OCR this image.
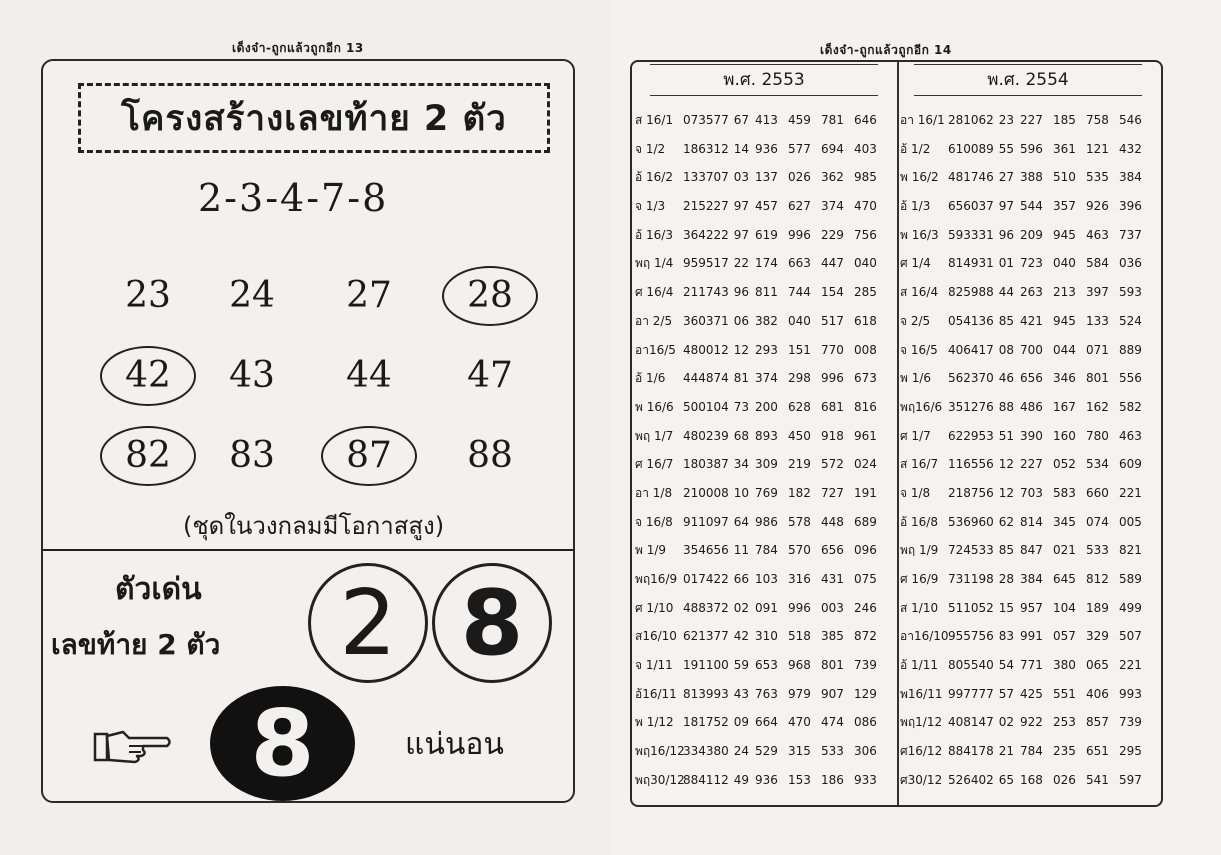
เด็งจ๋า-ถูกแล้วถูกอีก 13
โครงสร้างเลขท้าย 2 ตัว
2-3-4-7-8
23	24	27	28
42	43	44	47
82	83	87	88
(ชุดในวงกลมมีโอกาสสูง)
ตัวเด่น
เลขท้าย 2 ตัว	2 8
8	แน่นอน
เด็งจ๋า-ถูกแล้วถูกอีก 14
พ.ศ. 2553	พ.ศ. 2554
ส 16/1 073577 67 413 459 781 646
จ 1/2 186312 14 936 577 694 403
อ้ 16/2 133707 03 137 026 362 985
จ 1/3 215227 97 457 627 374 470
อ้ 16/3 364222 97 619 996 229 756
พฤ 1/4 959517 22 174 663 447 040
ศ 16/4 211743 96 811 744 154 285
อา 2/5 360371 06 382 040 517 618
อา16/5 480012 12 293 151 770 008
อ้ 1/6 444874 81 374 298 996 673
พ 16/6 500104 73 200 628 681 816
พฤ 1/7 480239 68 893 450 918 961
ศ 16/7 180387 34 309 219 572 024
อา 1/8 210008 10 769 182 727 191
จ 16/8 911097 64 986 578 448 689
พ 1/9 354656 11 784 570 656 096
พฤ16/9 017422 66 103 316 431 075
ศ 1/10 488372 02 091 996 003 246
ส16/10 621377 42 310 518 385 872
จ 1/11 191100 59 653 968 801 739
อ้16/11 813993 43 763 979 907 129
พ 1/12 181752 09 664 470 474 086
พฤ16/12334380 24 529 315 533 306
พฤ30/12884112 49 936 153 186 933
อา 16/1 281062 23 227 185 758 546
อ้ 1/2 610089 55 596 361 121 432
พ 16/2 481746 27 388 510 535 384
อ้ 1/3 656037 97 544 357 926 396
พ 16/3 593331 96 209 945 463 737
ศ 1/4 814931 01 723 040 584 036
ส 16/4 825988 44 263 213 397 593
จ 2/5 054136 85 421 945 133 524
จ 16/5 406417 08 700 044 071 889
พ 1/6 562370 46 656 346 801 556
พฤ16/6 351276 88 486 167 162 582
ศ 1/7 622953 51 390 160 780 463
ส 16/7 116556 12 227 052 534 609
จ 1/8 218756 12 703 583 660 221
อ้ 16/8 536960 62 814 345 074 005
พฤ 1/9 724533 85 847 021 533 821
ศ 16/9 731198 28 384 645 812 589
ส 1/10 511052 15 957 104 189 499
อา16/10955756 83 991 057 329 507
อ้ 1/11 805540 54 771 380 065 221
พ16/11 997777 57 425 551 406 993
พฤ1/12 408147 02 922 253 857 739
ศ16/12 884178 21 784 235 651 295
ศ30/12 526402 65 168 026 541 597
